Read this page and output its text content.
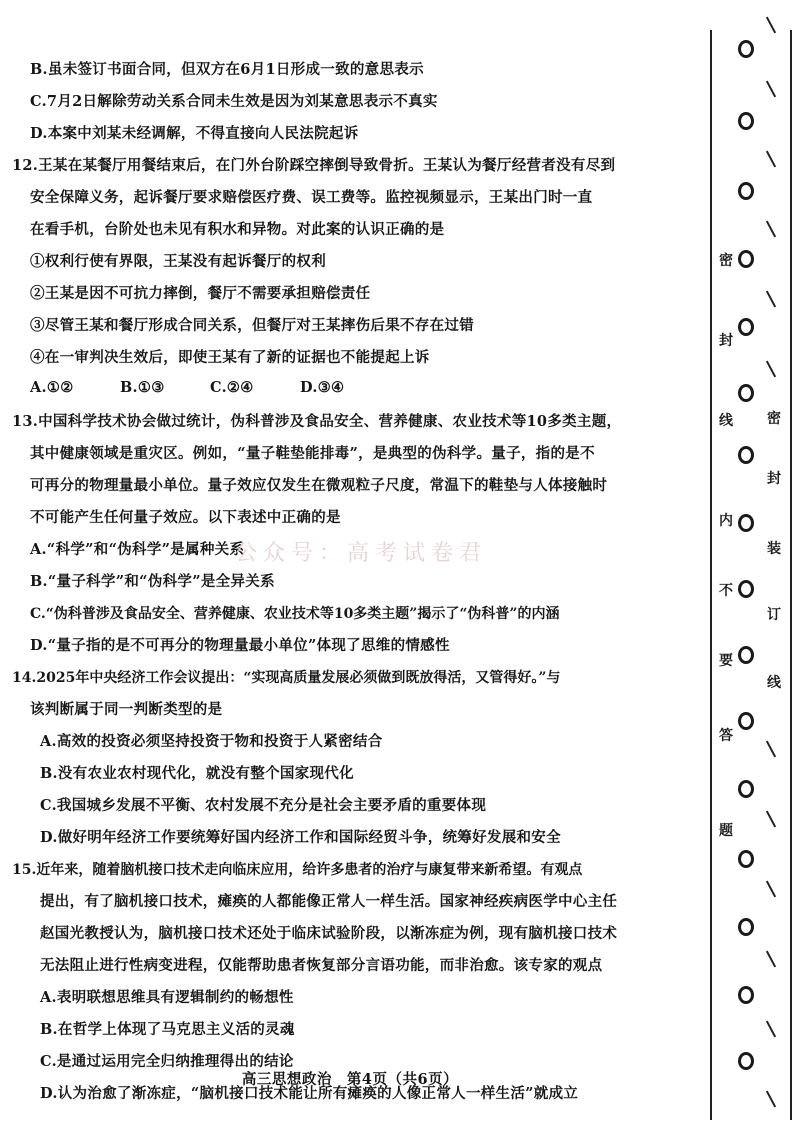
B.虽未签订书面合同，但双方在6月1日形成一致的意思表示
C.7月2日解除劳动关系合同未生效是因为刘某意思表示不真实
D.本案中刘某未经调解，不得直接向人民法院起诉
12.王某在某餐厅用餐结束后，在门外台阶踩空摔倒导致骨折。王某认为餐厅经营者没有尽到
安全保障义务，起诉餐厅要求赔偿医疗费、误工费等。监控视频显示，王某出门时一直
在看手机，台阶处也未见有积水和异物。对此案的认识正确的是
①权利行使有界限，王某没有起诉餐厅的权利
②王某是因不可抗力摔倒，餐厅不需要承担赔偿责任
③尽管王某和餐厅形成合同关系，但餐厅对王某摔伤后果不存在过错
④在一审判决生效后，即使王某有了新的证据也不能提起上诉
A.①②	B.①③	C.②④	D.③④
13.中国科学技术协会做过统计，伪科普涉及食品安全、营养健康、农业技术等10多类主题，
其中健康领域是重灾区。例如，“量子鞋垫能排毒”，是典型的伪科学。量子，指的是不
可再分的物理量最小单位。量子效应仅发生在微观粒子尺度，常温下的鞋垫与人体接触时
不可能产生任何量子效应。以下表述中正确的是
A.“科学”和“伪科学”是属种关系
B.“量子科学”和“伪科学”是全异关系
C.“伪科普涉及食品安全、营养健康、农业技术等10多类主题”揭示了“伪科普”的内涵
D.“量子指的是不可再分的物理量最小单位”体现了思维的情感性
14.2025年中央经济工作会议提出：“实现高质量发展必须做到既放得活，又管得好。”与
该判断属于同一判断类型的是
A.高效的投资必须坚持投资于物和投资于人紧密结合
B.没有农业农村现代化，就没有整个国家现代化
C.我国城乡发展不平衡、农村发展不充分是社会主要矛盾的重要体现
D.做好明年经济工作要统筹好国内经济工作和国际经贸斗争，统筹好发展和安全
15.近年来，随着脑机接口技术走向临床应用，给许多患者的治疗与康复带来新希望。有观点
提出，有了脑机接口技术，瘫痪的人都能像正常人一样生活。国家神经疾病医学中心主任
赵国光教授认为，脑机接口技术还处于临床试验阶段，以渐冻症为例，现有脑机接口技术
无法阻止进行性病变进程，仅能帮助患者恢复部分言语功能，而非治愈。该专家的观点
A.表明联想思维具有逻辑制约的畅想性
B.在哲学上体现了马克思主义活的灵魂
C.是通过运用完全归纳推理得出的结论
D.认为治愈了渐冻症，“脑机接口技术能让所有瘫痪的人像正常人一样生活”就成立
公众号：高考试卷君
高三思想政治　第4页（共6页）
密
封
线
内
不
要
答
题
密
封
装
订
线
